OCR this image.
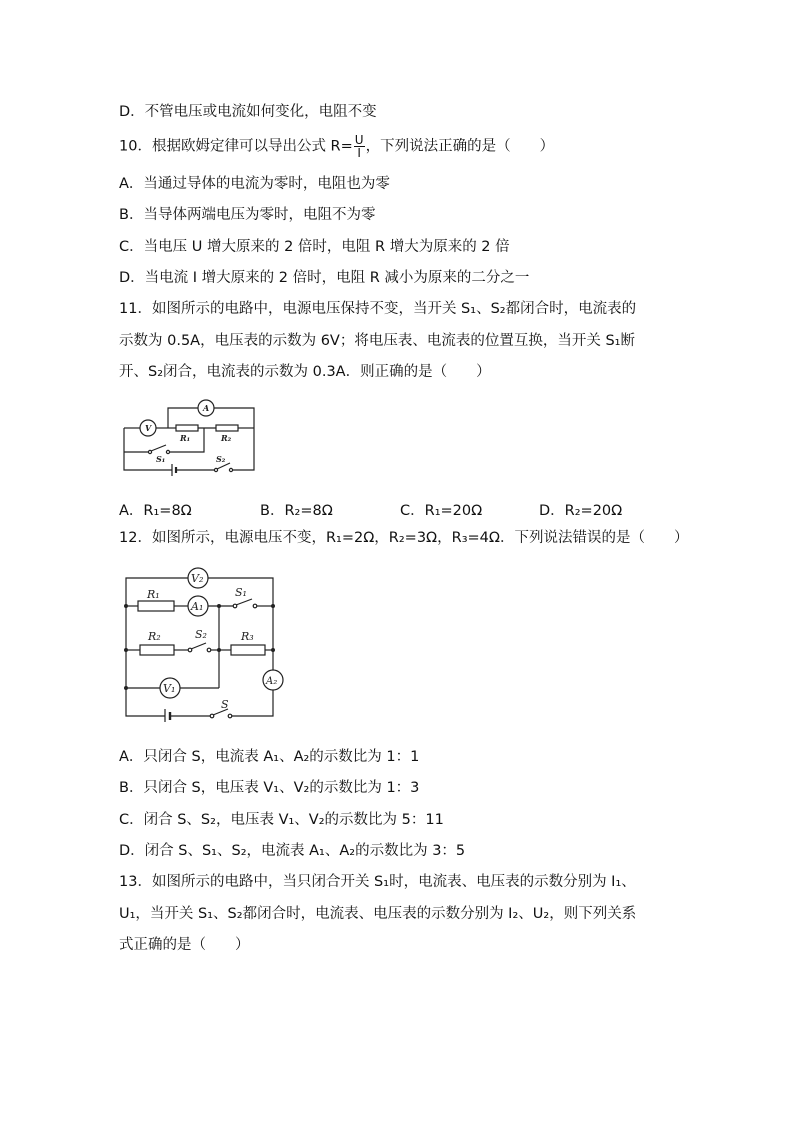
D．不管电压或电流如何变化，电阻不变
10．根据欧姆定律可以导出公式 $R= \frac{U}{I}$ ，下列说法正确的是（　　）
A．当通过导体的电流为零时，电阻也为零
B．当导体两端电压为零时，电阻不为零
C．当电压 U 增大原来的 2 倍时，电阻 R 增大为原来的 2 倍
D．当电流 I 增大原来的 2 倍时，电阻 R 减小为原来的二分之一
11．如图所示的电路中，电源电压保持不变，当开关 S₁、S₂都闭合时，电流表的
示数为 0.5A，电压表的示数为 6V；将电压表、电流表的位置互换，当开关 S₁断
开、S₂闭合，电流表的示数为 0.3A．则正确的是（　　）
V
A
R₁	R₂
S₁	S₂
A．R₁=8Ω	B．R₂=8Ω	C．R₁=20Ω	D．R₂=20Ω
12．如图所示，电源电压不变，R₁=2Ω，R₂=3Ω，R₃=4Ω．下列说法错误的是（　　）
V₂
A₁
A₂
V₁
R₁
R₂	R₃
S₁
S₂
S
A．只闭合 S，电流表 A₁、A₂的示数比为 1：1
B．只闭合 S，电压表 V₁、V₂的示数比为 1：3
C．闭合 S、S₂，电压表 V₁、V₂的示数比为 5：11
D．闭合 S、S₁、S₂，电流表 A₁、A₂的示数比为 3：5
13．如图所示的电路中，当只闭合开关 S₁时，电流表、电压表的示数分别为 I₁、
U₁，当开关 S₁、S₂都闭合时，电流表、电压表的示数分别为 I₂、U₂，则下列关系
式正确的是（　　）
